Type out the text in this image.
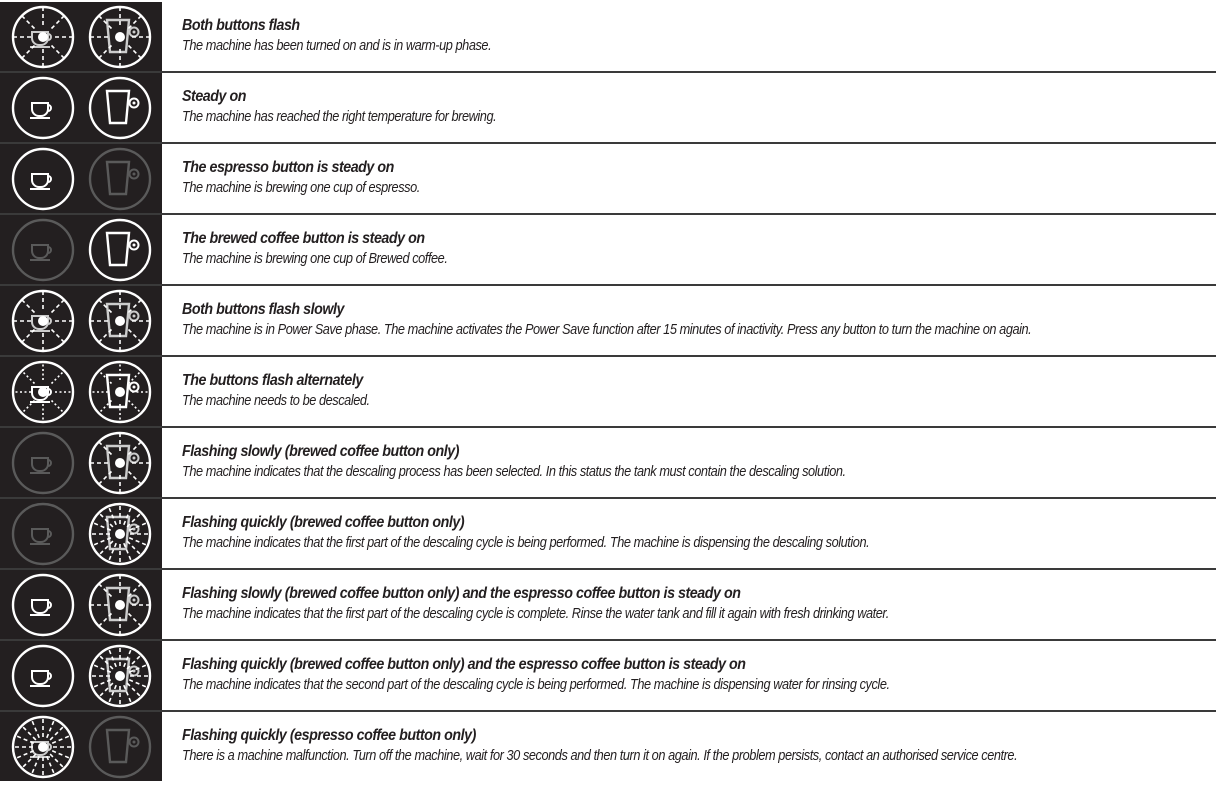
Both buttons flash
The machine has been turned on and is in warm-up phase.
Steady on
The machine has reached the right temperature for brewing.
The espresso button is steady on
The machine is brewing one cup of espresso.
The brewed coffee button is steady on
The machine is brewing one cup of Brewed coffee.
Both buttons flash slowly
The machine is in Power Save phase. The machine activates the Power Save function after 15 minutes of inactivity. Press any button to turn the machine on again.
The buttons flash alternately
The machine needs to be descaled.
Flashing slowly (brewed coffee button only)
The machine indicates that the descaling process has been selected. In this status the tank must contain the descaling solution.
Flashing quickly (brewed coffee button only)
The machine indicates that the first part of the descaling cycle is being performed. The machine is dispensing the descaling solution.
Flashing slowly (brewed coffee button only) and the espresso coffee button is steady on
The machine indicates that the first part of the descaling cycle is complete. Rinse the water tank and fill it again with fresh drinking water.
Flashing quickly (brewed coffee button only) and the espresso coffee button is steady on
The machine indicates that the second part of the descaling cycle is being performed. The machine is dispensing water for rinsing cycle.
Flashing quickly (espresso coffee button only)
There is a machine malfunction. Turn off the machine, wait for 30 seconds and then turn it on again. If the problem persists, contact an authorised service centre.
